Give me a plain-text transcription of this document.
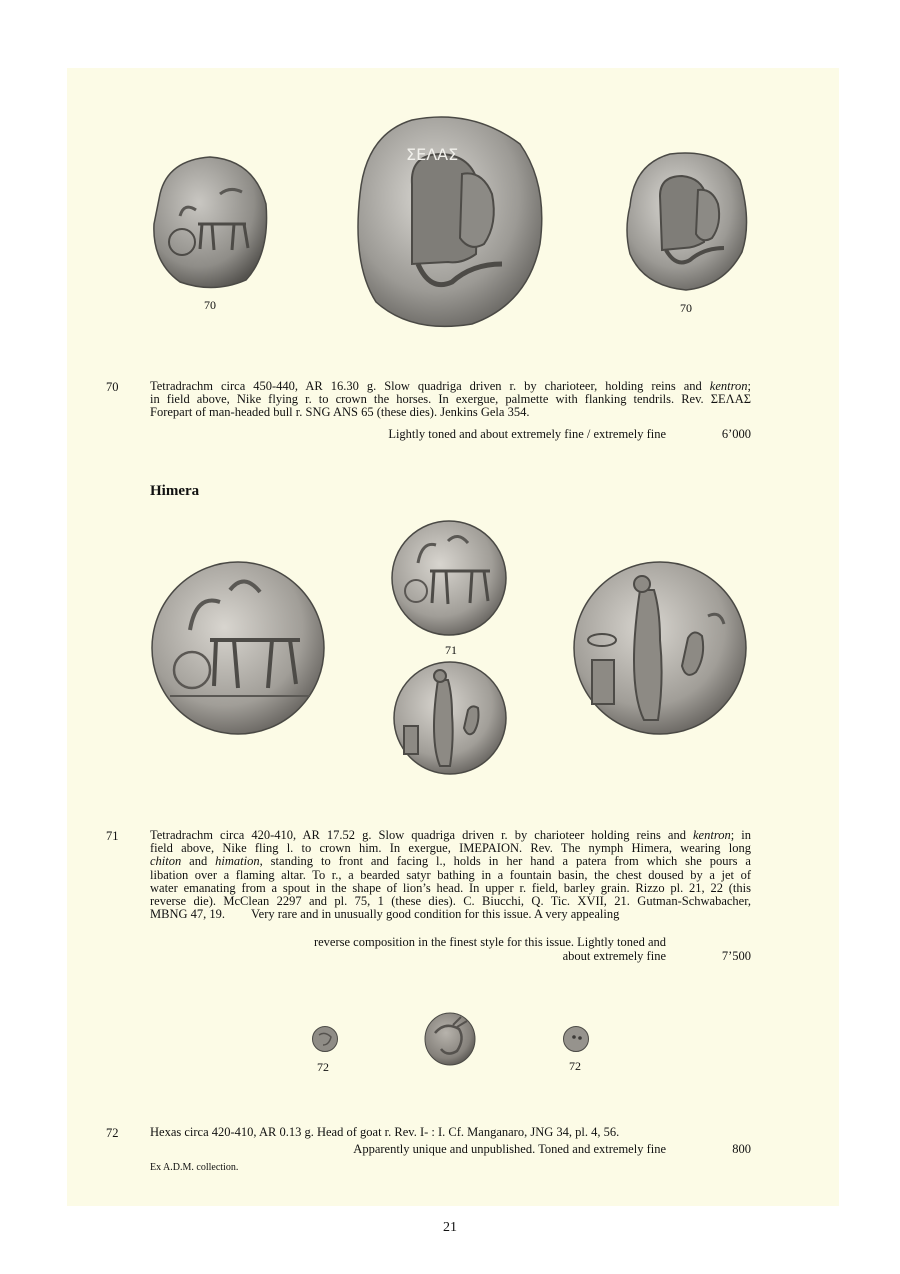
ΣΕΛΑΣ
70	70
70	Tetradrachm circa 450-440, AR 16.30 g. Slow quadriga driven r. by charioteer, holding reins and kentron;
in field above, Nike flying r. to crown the horses. In exergue, palmette with flanking tendrils. Rev. ΣΕΛΑΣ
Forepart of man-headed bull r. SNG ANS 65 (these dies). Jenkins Gela 354.
Lightly toned and about extremely fine / extremely fine	6’000
Himera
71
71	Tetradrachm circa 420-410, AR 17.52 g. Slow quadriga driven r. by charioteer holding reins and kentron; in
field above, Nike fling l. to crown him. In exergue, IMEPAION. Rev. The nymph Himera, wearing long
chiton and himation, standing to front and facing l., holds in her hand a patera from which she pours a
libation over a flaming altar. To r., a bearded satyr bathing in a fountain basin, the chest doused by a jet of
water emanating from a spout in the shape of lion’s head. In upper r. field, barley grain. Rizzo pl. 21, 22 (this
reverse die). McClean 2297 and pl. 75, 1 (these dies). C. Biucchi, Q. Tic. XVII, 21. Gutman-Schwabacher,
MBNG 47, 19. Very rare and in unusually good condition for this issue. A very appealing
reverse composition in the finest style for this issue. Lightly toned and
about extremely fine	7’500
72	72
72	Hexas circa 420-410, AR 0.13 g. Head of goat r. Rev. I- : I. Cf. Manganaro, JNG 34, pl. 4, 56.
Apparently unique and unpublished. Toned and extremely fine	800
Ex A.D.M. collection.
21
